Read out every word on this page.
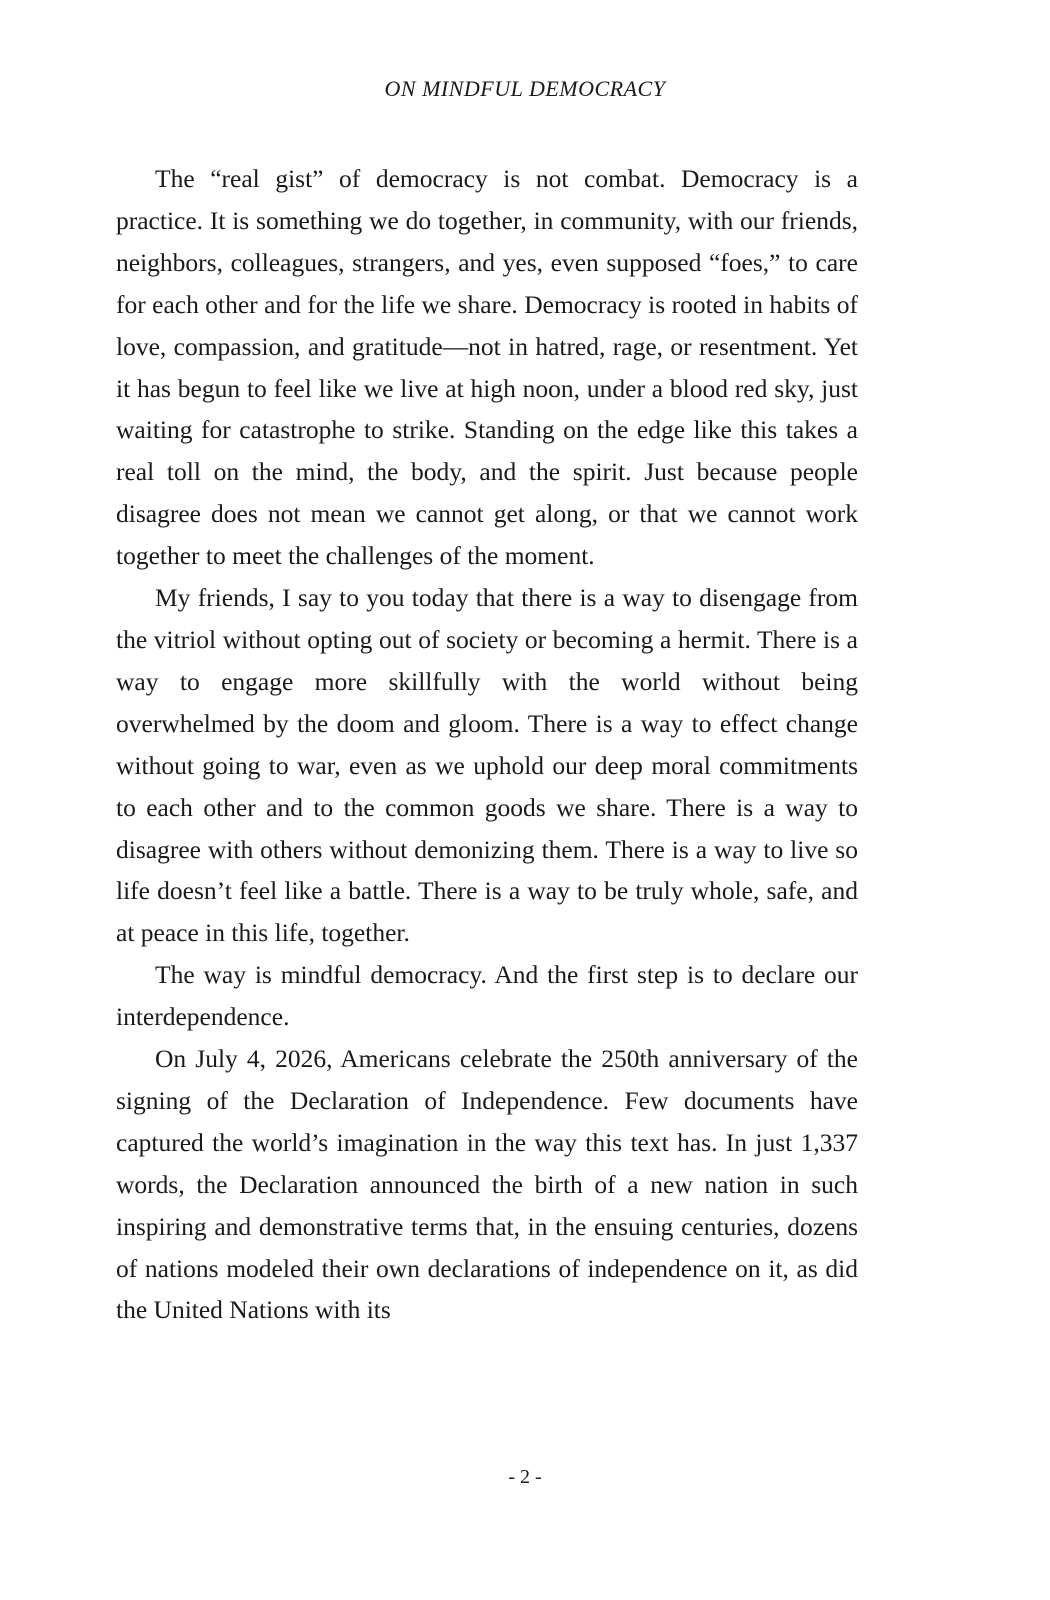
ON MINDFUL DEMOCRACY

The “real gist” of democracy is not combat. Democracy is a practice. It is something we do together, in community, with our friends, neighbors, colleagues, strangers, and yes, even supposed “foes,” to care for each other and for the life we share. Democracy is rooted in habits of love, compassion, and gratitude—not in hatred, rage, or resentment. Yet it has begun to feel like we live at high noon, under a blood red sky, just waiting for catastrophe to strike. Standing on the edge like this takes a real toll on the mind, the body, and the spirit. Just because people disagree does not mean we cannot get along, or that we cannot work together to meet the challenges of the moment.

My friends, I say to you today that there is a way to disengage from the vitriol without opting out of society or becoming a hermit. There is a way to engage more skillfully with the world without being overwhelmed by the doom and gloom. There is a way to effect change without going to war, even as we uphold our deep moral commitments to each other and to the common goods we share. There is a way to disagree with others without demonizing them. There is a way to live so life doesn’t feel like a battle. There is a way to be truly whole, safe, and at peace in this life, together.

The way is mindful democracy. And the first step is to declare our interdependence.

On July 4, 2026, Americans celebrate the 250th anniversary of the signing of the Declaration of Independence. Few documents have captured the world’s imagination in the way this text has. In just 1,337 words, the Declaration announced the birth of a new nation in such inspiring and demonstrative terms that, in the ensuing centuries, dozens of nations modeled their own declarations of independence on it, as did the United Nations with its

- 2 -
